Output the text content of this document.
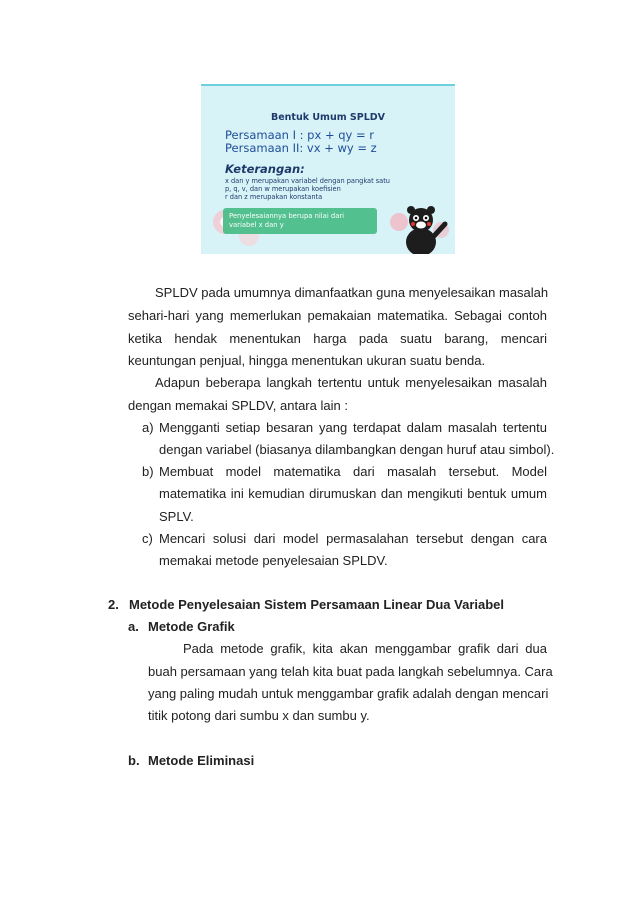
Bentuk Umum SPLDV
Persamaan I : px + qy = r
Persamaan II: vx + wy = z
Keterangan:
x dan y merupakan variabel dengan pangkat satu
p, q, v, dan w merupakan koefisien
r dan z merupakan konstanta
Penyelesaiannya berupa nilai dari
variabel x dan y
SPLDV pada umumnya dimanfaatkan guna menyelesaikan masalah
sehari-hari yang memerlukan pemakaian matematika. Sebagai contoh
ketika hendak menentukan harga pada suatu barang, mencari
keuntungan penjual, hingga menentukan ukuran suatu benda.
Adapun beberapa langkah tertentu untuk menyelesaikan masalah
dengan memakai SPLDV, antara lain :
a) Mengganti setiap besaran yang terdapat dalam masalah tertentu
dengan variabel (biasanya dilambangkan dengan huruf atau simbol).
b) Membuat model matematika dari masalah tersebut. Model
matematika ini kemudian dirumuskan dan mengikuti bentuk umum
SPLV.
c) Mencari solusi dari model permasalahan tersebut dengan cara
memakai metode penyelesaian SPLDV.
2. Metode Penyelesaian Sistem Persamaan Linear Dua Variabel
a. Metode Grafik
Pada metode grafik, kita akan menggambar grafik dari dua
buah persamaan yang telah kita buat pada langkah sebelumnya. Cara
yang paling mudah untuk menggambar grafik adalah dengan mencari
titik potong dari sumbu x dan sumbu y.
b. Metode Eliminasi
